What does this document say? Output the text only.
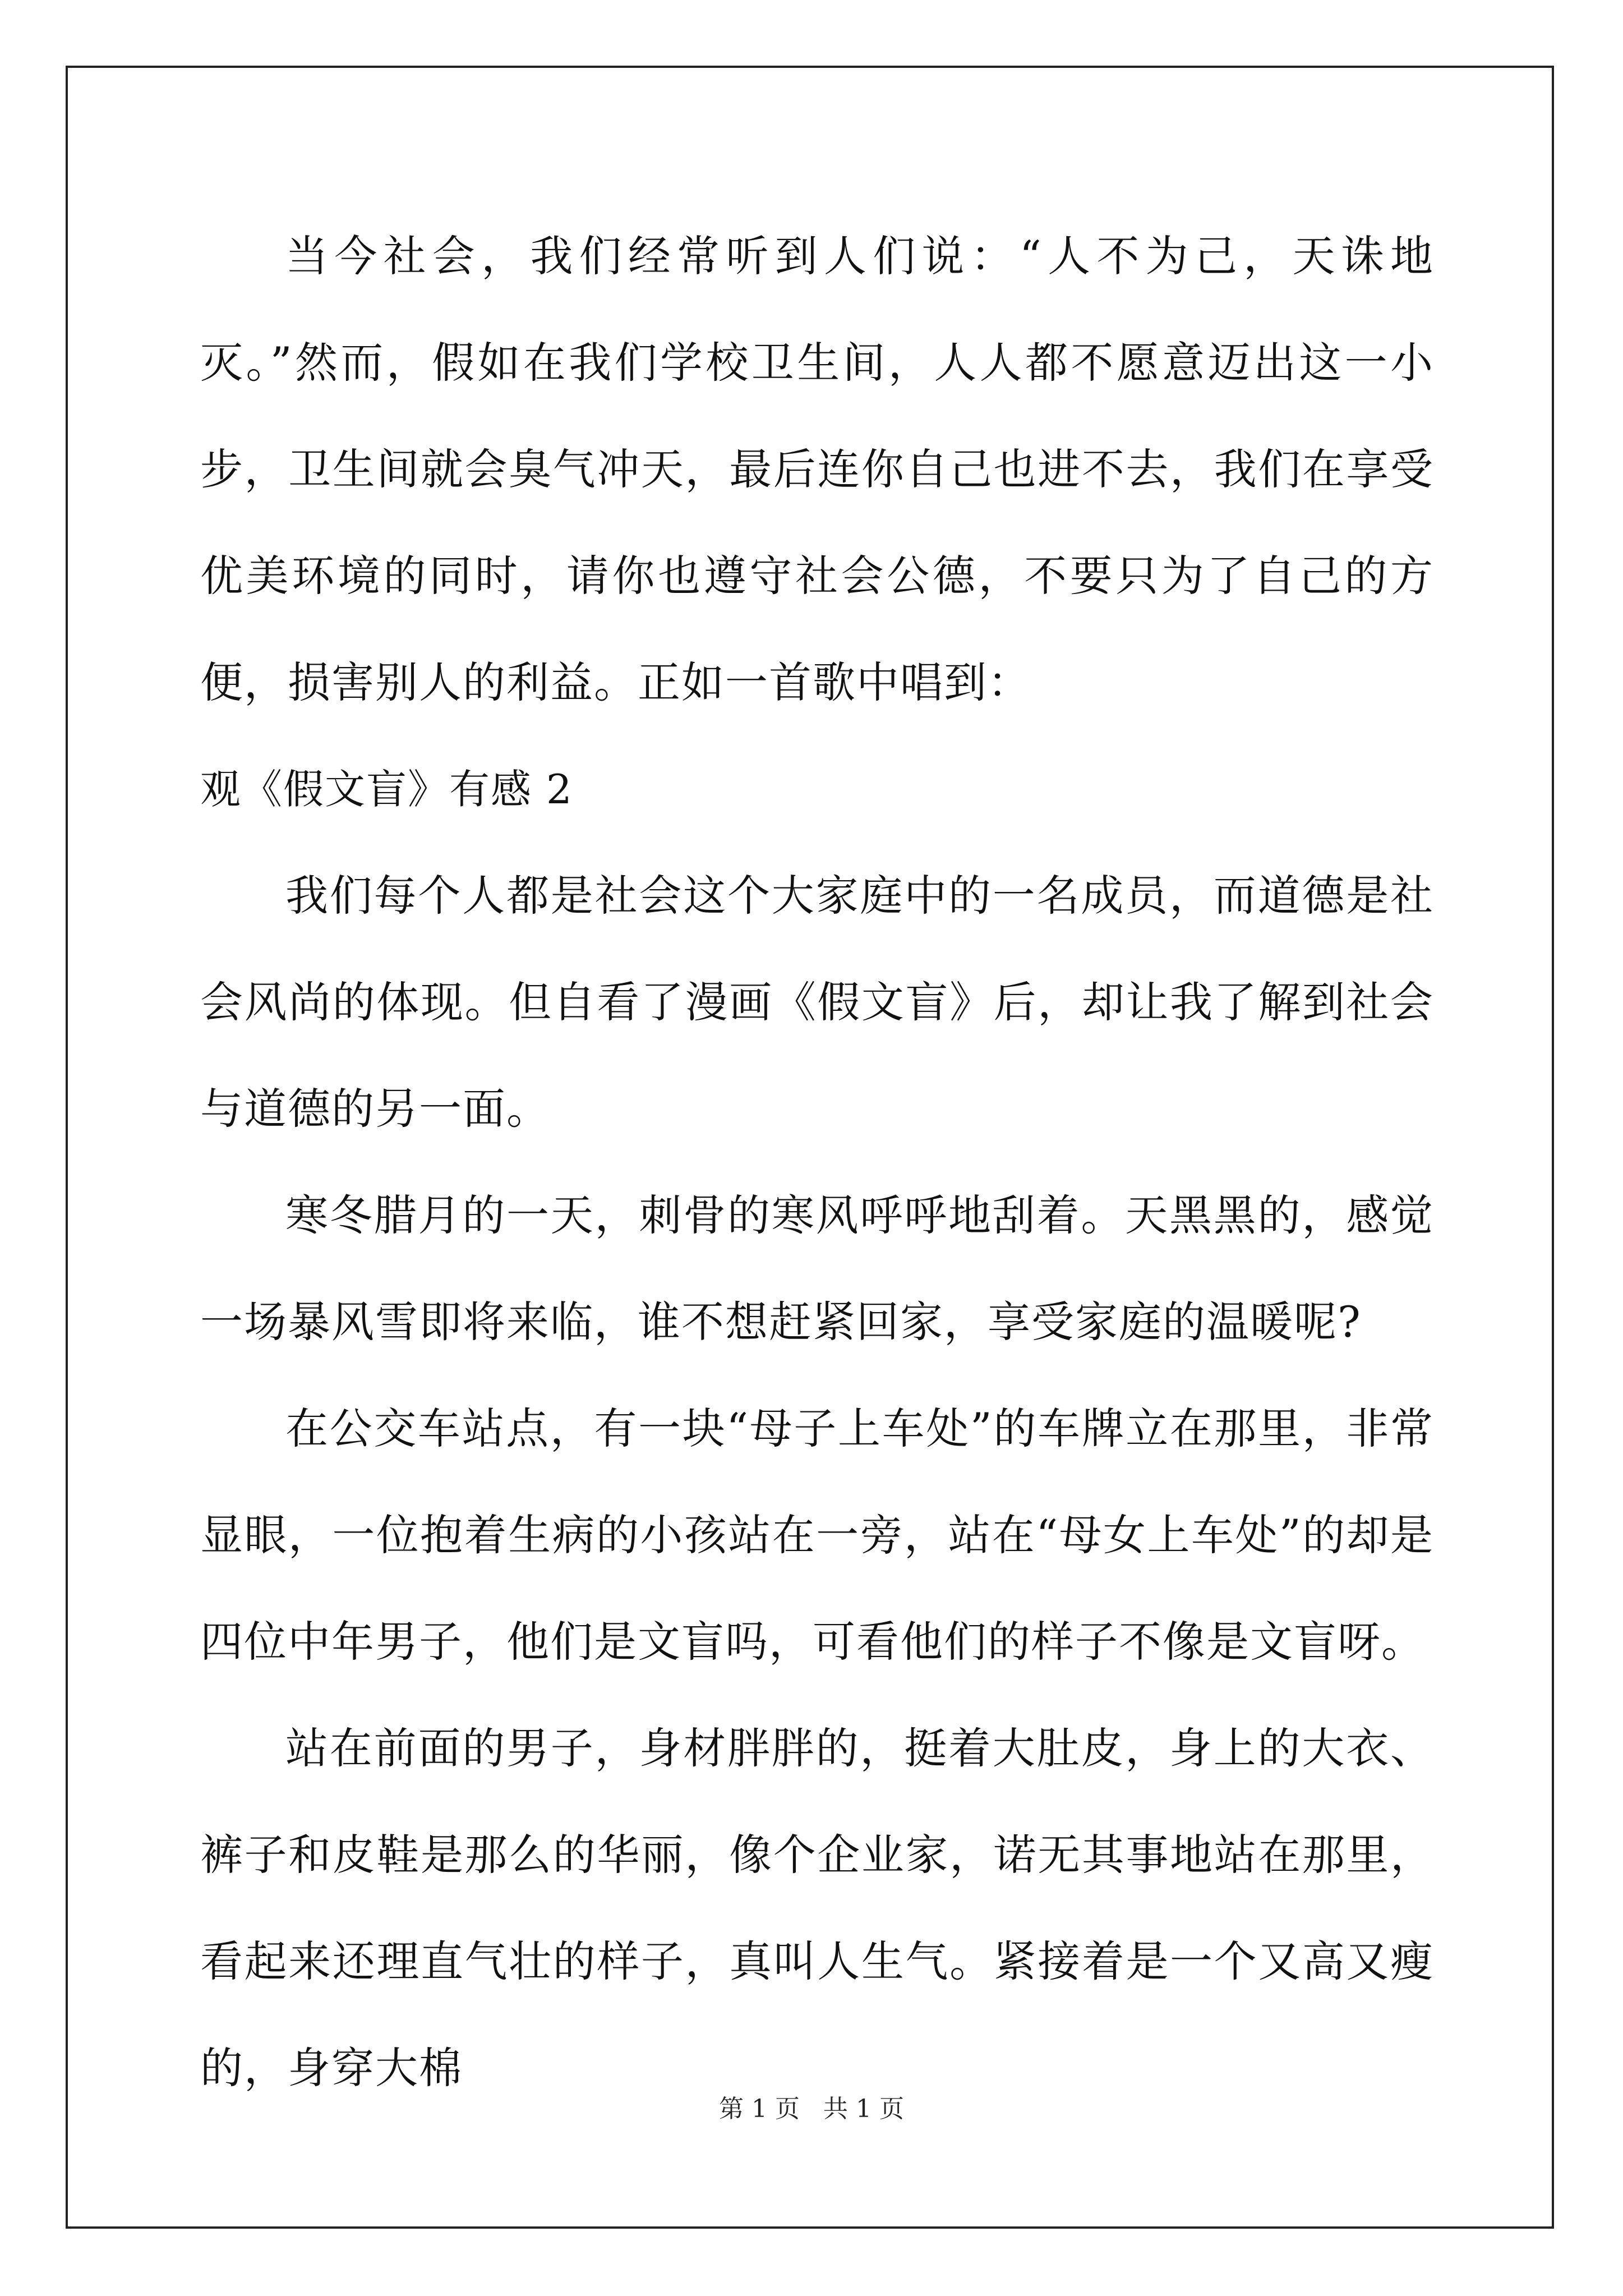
当今社会，我们经常听到人们说：“人不为己，天诛地灭。”然而，假如在我们学校卫生间，人人都不愿意迈出这一小步，卫生间就会臭气冲天，最后连你自己也进不去，我们在享受优美环境的同时，请你也遵守社会公德，不要只为了自己的方便，损害别人的利益。正如一首歌中唱到：

观《假文盲》有感 2

我们每个人都是社会这个大家庭中的一名成员，而道德是社会风尚的体现。但自看了漫画《假文盲》后，却让我了解到社会与道德的另一面。

寒冬腊月的一天，刺骨的寒风呼呼地刮着。天黑黑的，感觉一场暴风雪即将来临，谁不想赶紧回家，享受家庭的温暖呢?

在公交车站点，有一块“母子上车处”的车牌立在那里，非常显眼，一位抱着生病的小孩站在一旁，站在“母女上车处”的却是四位中年男子，他们是文盲吗，可看他们的样子不像是文盲呀。

站在前面的男子，身材胖胖的，挺着大肚皮，身上的大衣、裤子和皮鞋是那么的华丽，像个企业家，诺无其事地站在那里，看起来还理直气壮的样子，真叫人生气。紧接着是一个又高又瘦的，身穿大棉

第 1 页 共 1 页
